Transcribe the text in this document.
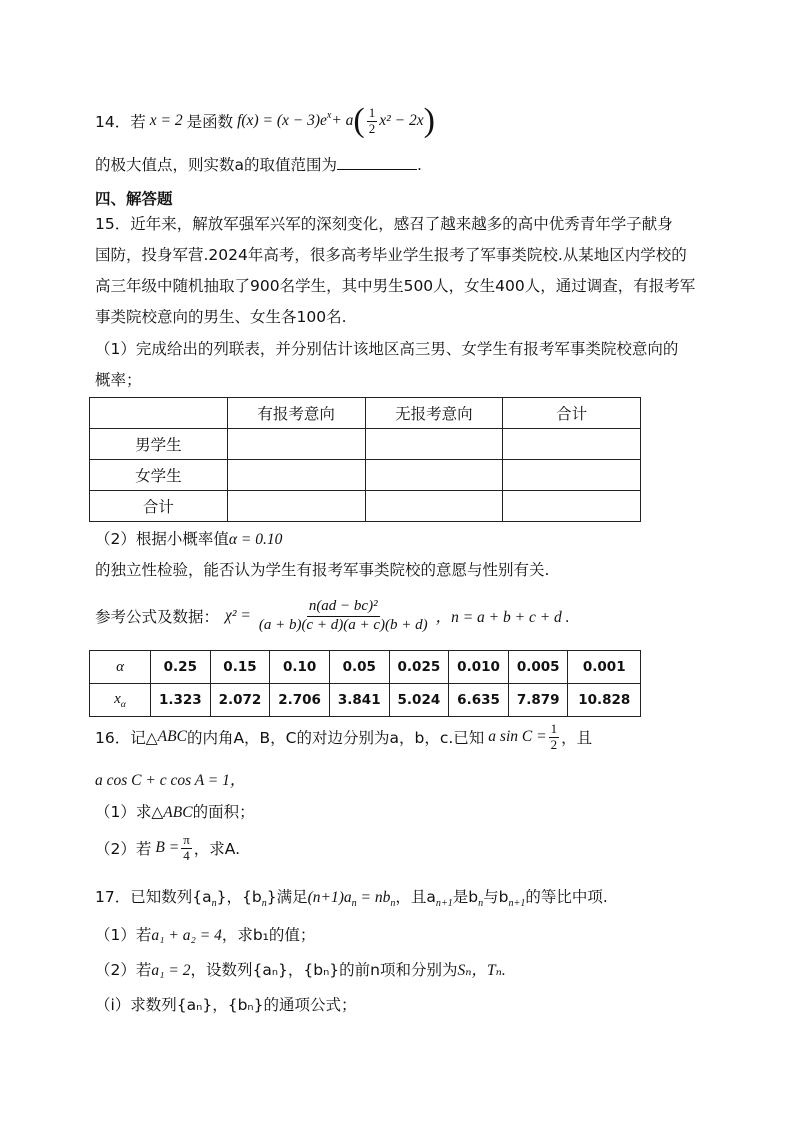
14．若 x = 2 是函数 $f(x) = (x - 3)e^x + a$ ( $\frac{1}{2} x^2 - 2x$ )
的极大值点，则实数a的取值范围为	.
四、解答题
15．近年来，解放军强军兴军的深刻变化，感召了越来越多的高中优秀青年学子献身
国防，投身军营.2024年高考，很多高考毕业学生报考了军事类院校.从某地区内学校的
高三年级中随机抽取了900名学生，其中男生500人，女生400人，通过调查，有报考军
事类院校意向的男生、女生各100名.
（1）完成给出的列联表，并分别估计该地区高三男、女学生有报考军事类院校意向的
概率；
	有报考意向	无报考意向	合计
男学生			
女学生			
合计			
（2）根据小概率值α = 0.10
的独立性检验，能否认为学生有报考军事类院校的意愿与性别有关.
参考公式及数据： $\chi^2 = \frac{\text{n(ad − bc)²}}{(a + b)(c + d)(a + c)(b + d)}$ ，n = a + b + c + d .
α	0.25	0.15	0.10	0.05	0.025	0.010	0.005	0.001
$x_\alpha$	1.323	2.072	2.706	3.841	5.024	6.635	7.879	10.828
16．记△ ABC 的内角A，B，C的对边分别为a，b，c.已知 a $\sin C = \frac{1}{2}$ ，且
a cos C + c cos A = 1，
（1）求△ABC的面积；
（2）若 $B = \frac{\pi}{4}$ ，求A.
17．已知数列$\{a_n\}$，$\{b_n\}$满足$(n+1)a_n = nb_n$，且$a_{n+1}$是$b_n$与$b_{n+1}$的等比中项.
（1）若a₁ + a₂ = 4，求b₁的值；
（2）若a₁ = 2，设数列{aₙ}，{bₙ}的前n项和分别为Sₙ，Tₙ.
（ⅰ）求数列{aₙ}，{bₙ}的通项公式；
